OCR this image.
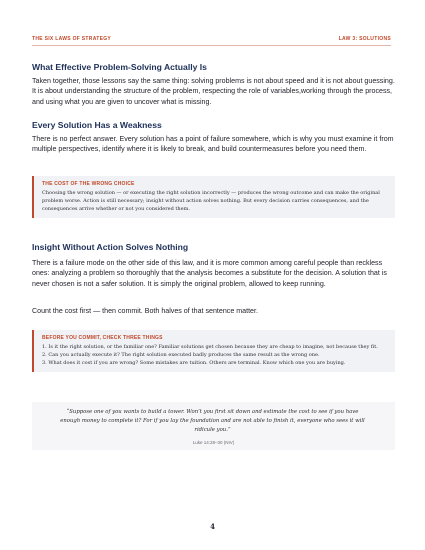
THE SIX LAWS OF STRATEGY	LAW 3: SOLUTIONS
What Effective Problem-Solving Actually Is

Taken together, those lessons say the same thing: solving problems is not about speed and it is not about guessing. It is about understanding the structure of the problem, respecting the role of variables,working through the process, and using what you are given to uncover what is missing.

Every Solution Has a Weakness

There is no perfect answer. Every solution has a point of failure somewhere, which is why you must examine it from multiple perspectives, identify where it is likely to break, and build countermeasures before you need them.

THE COST OF THE WRONG CHOICE

Choosing the wrong solution — or executing the right solution incorrectly — produces the wrong outcome and can make the original problem worse. Action is still necessary; insight without action solves nothing. But every decision carries consequences, and the consequences arrive whether or not you considered them.

Insight Without Action Solves Nothing

There is a failure mode on the other side of this law, and it is more common among careful people than reckless ones: analyzing a problem so thoroughly that the analysis becomes a substitute for the decision. A solution that is never chosen is not a safer solution. It is simply the original problem, allowed to keep running.

Count the cost first — then commit. Both halves of that sentence matter.

BEFORE YOU COMMIT, CHECK THREE THINGS

1. Is it the right solution, or the familiar one? Familiar solutions get chosen because they are cheap to imagine, not because they fit.

2. Can you actually execute it? The right solution executed badly produces the same result as the wrong one.

3. What does it cost if you are wrong? Some mistakes are tuition. Others are terminal. Know which one you are buying.

“Suppose one of you wants to build a tower. Won’t you first sit down and estimate the cost to see if you have enough money to complete it? For if you lay the foundation and are not able to finish it, everyone who sees it will ridicule you.”

Luke 14:28–30 (NIV)

4
